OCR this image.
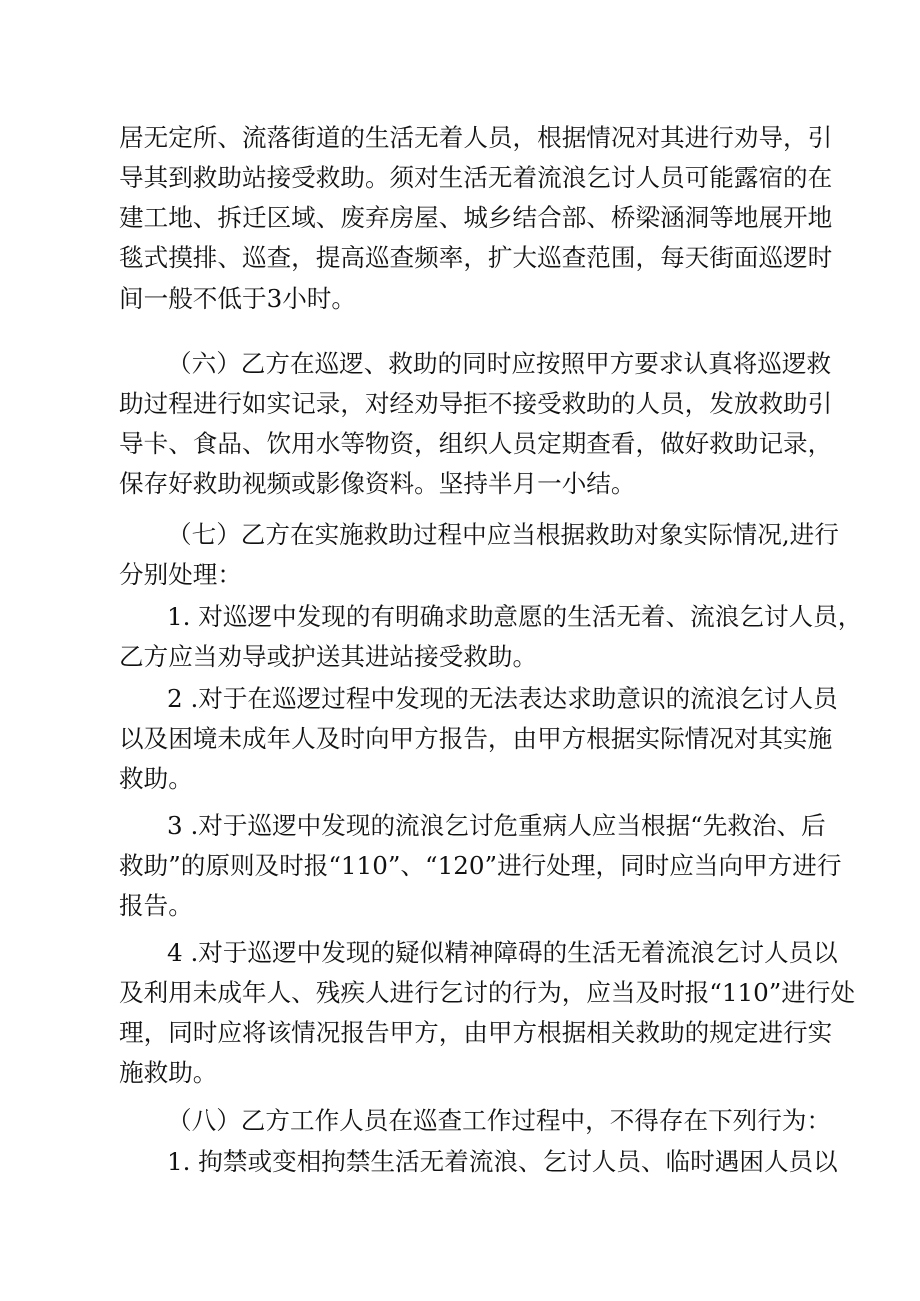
居无定所、流落街道的生活无着人员，根据情况对其进行劝导，引
导其到救助站接受救助。须对生活无着流浪乞讨人员可能露宿的在
建工地、拆迁区域、废弃房屋、城乡结合部、桥梁涵洞等地展开地
毯式摸排、巡查，提高巡查频率，扩大巡查范围，每天街面巡逻时
间一般不低于3小时。
（六）乙方在巡逻、救助的同时应按照甲方要求认真将巡逻救
助过程进行如实记录，对经劝导拒不接受救助的人员，发放救助引
导卡、食品、饮用水等物资，组织人员定期查看，做好救助记录，
保存好救助视频或影像资料。坚持半月一小结。
（七）乙方在实施救助过程中应当根据救助对象实际情况,进行
分别处理：
1. 对巡逻中发现的有明确求助意愿的生活无着、流浪乞讨人员，
乙方应当劝导或护送其进站接受救助。
2 .对于在巡逻过程中发现的无法表达求助意识的流浪乞讨人员
以及困境未成年人及时向甲方报告，由甲方根据实际情况对其实施
救助。
3 .对于巡逻中发现的流浪乞讨危重病人应当根据“先救治、后
救助”的原则及时报“110”、“120”进行处理，同时应当向甲方进行
报告。
4 .对于巡逻中发现的疑似精神障碍的生活无着流浪乞讨人员以
及利用未成年人、残疾人进行乞讨的行为，应当及时报“110”进行处
理，同时应将该情况报告甲方，由甲方根据相关救助的规定进行实
施救助。
（八）乙方工作人员在巡查工作过程中，不得存在下列行为：
1. 拘禁或变相拘禁生活无着流浪、乞讨人员、临时遇困人员以
